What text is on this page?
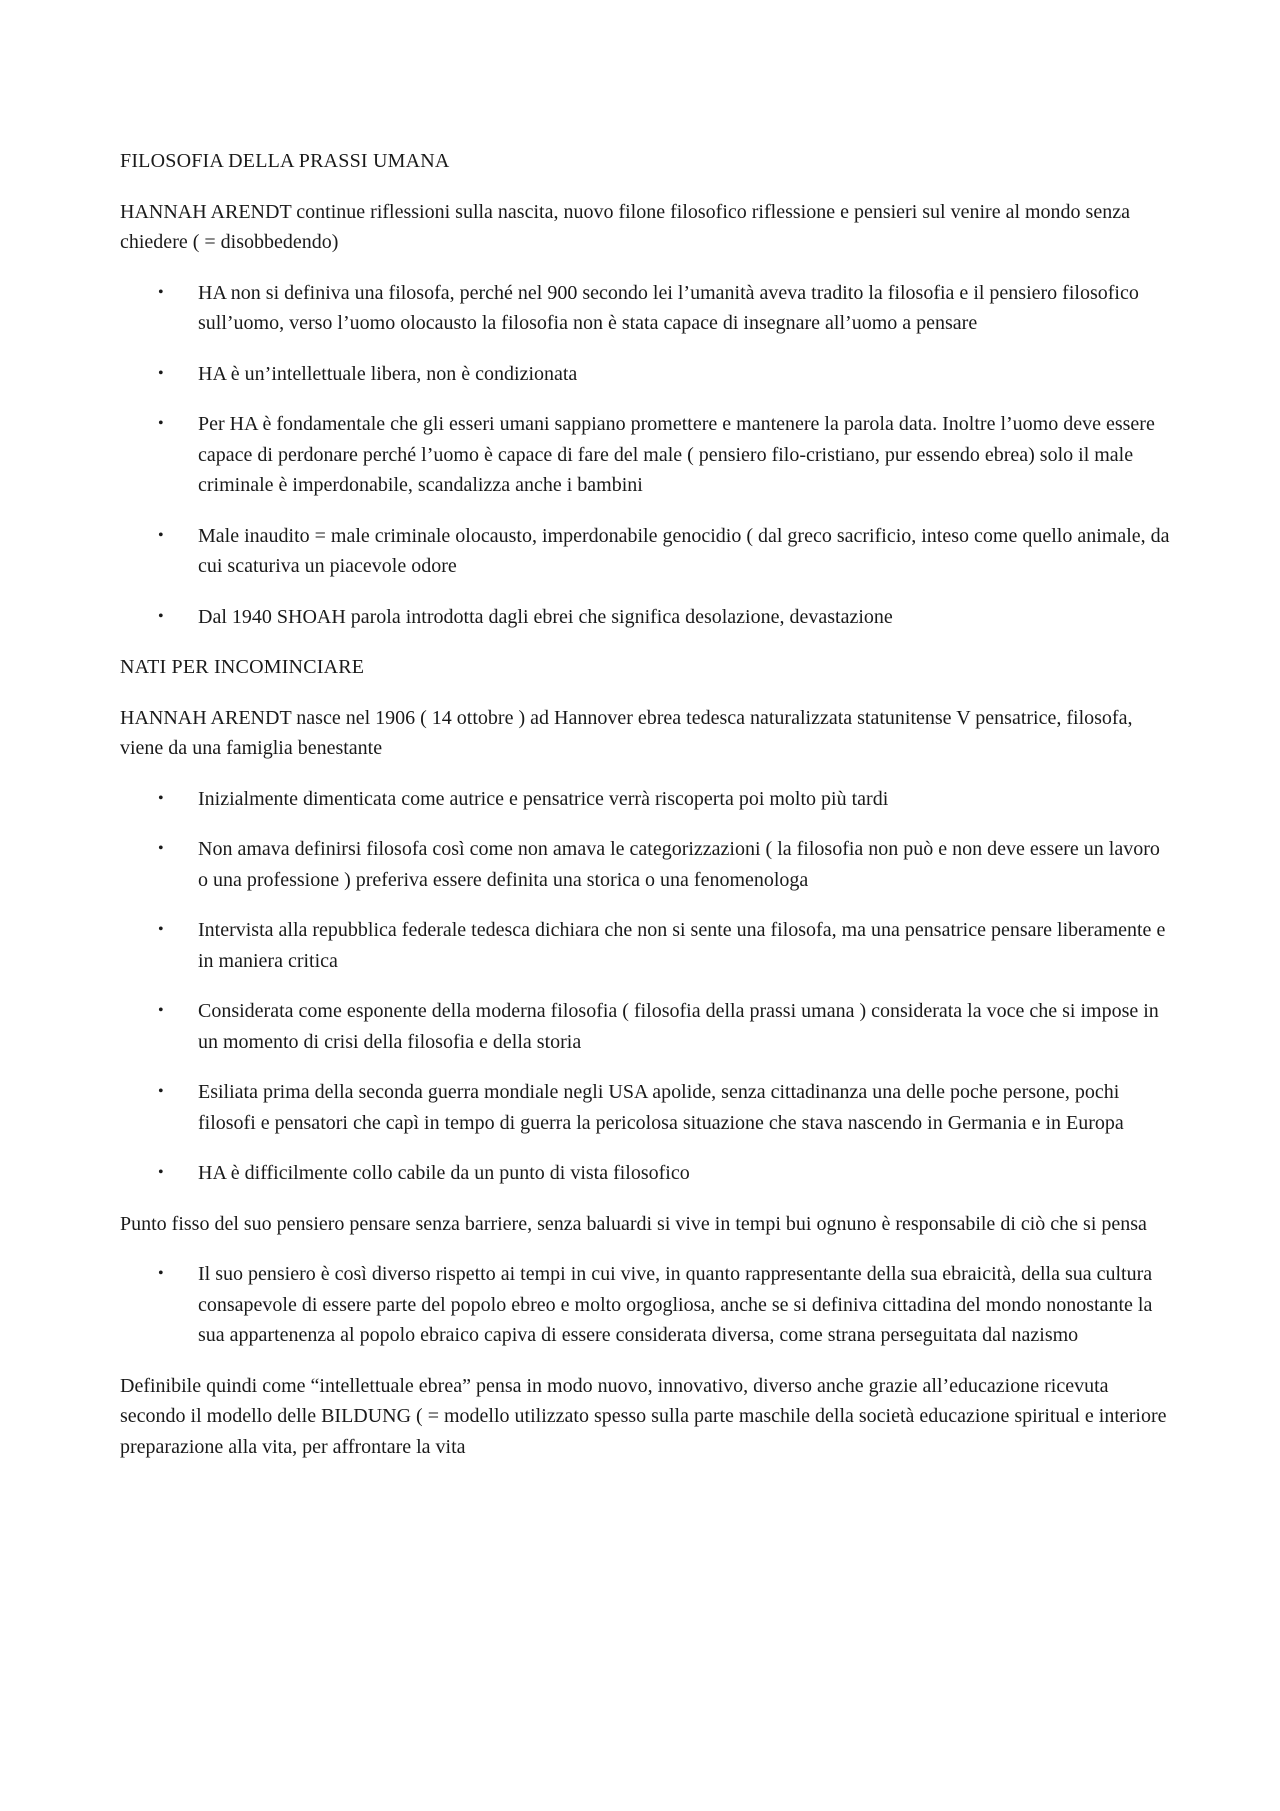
FILOSOFIA DELLA PRASSI UMANA
HANNAH ARENDT continue riflessioni sulla nascita, nuovo filone filosofico riflessione e pensieri sul venire al mondo senza chiedere ( = disobbedendo)
• HA non si definiva una filosofa, perché nel 900 secondo lei l’umanità aveva tradito la filosofia e il pensiero filosofico sull’uomo, verso l’uomo olocausto la filosofia non è stata capace di insegnare all’uomo a pensare
• HA è un’intellettuale libera, non è condizionata
• Per HA è fondamentale che gli esseri umani sappiano promettere e mantenere la parola data. Inoltre l’uomo deve essere capace di perdonare perché l’uomo è capace di fare del male ( pensiero filo-cristiano, pur essendo ebrea) solo il male criminale è imperdonabile, scandalizza anche i bambini
• Male inaudito = male criminale olocausto, imperdonabile genocidio ( dal greco sacrificio, inteso come quello animale, da cui scaturiva un piacevole odore
• Dal 1940 SHOAH parola introdotta dagli ebrei che significa desolazione, devastazione
NATI PER INCOMINCIARE
HANNAH ARENDT nasce nel 1906 ( 14 ottobre ) ad Hannover ebrea tedesca naturalizzata statunitense V pensatrice, filosofa, viene da una famiglia benestante
• Inizialmente dimenticata come autrice e pensatrice verrà riscoperta poi molto più tardi
• Non amava definirsi filosofa così come non amava le categorizzazioni ( la filosofia non può e non deve essere un lavoro o una professione ) preferiva essere definita una storica o una fenomenologa
• Intervista alla repubblica federale tedesca dichiara che non si sente una filosofa, ma una pensatrice pensare liberamente e in maniera critica
• Considerata come esponente della moderna filosofia ( filosofia della prassi umana ) considerata la voce che si impose in un momento di crisi della filosofia e della storia
• Esiliata prima della seconda guerra mondiale negli USA apolide, senza cittadinanza una delle poche persone, pochi filosofi e pensatori che capì in tempo di guerra la pericolosa situazione che stava nascendo in Germania e in Europa
• HA è difficilmente collo cabile da un punto di vista filosofico
Punto fisso del suo pensiero pensare senza barriere, senza baluardi si vive in tempi bui ognuno è responsabile di ciò che si pensa
• Il suo pensiero è così diverso rispetto ai tempi in cui vive, in quanto rappresentante della sua ebraicità, della sua cultura consapevole di essere parte del popolo ebreo e molto orgogliosa, anche se si definiva cittadina del mondo nonostante la sua appartenenza al popolo ebraico capiva di essere considerata diversa, come strana perseguitata dal nazismo
Definibile quindi come “intellettuale ebrea” pensa in modo nuovo, innovativo, diverso anche grazie all’educazione ricevuta secondo il modello delle BILDUNG ( = modello utilizzato spesso sulla parte maschile della società educazione spiritual e interiore preparazione alla vita, per affrontare la vita
